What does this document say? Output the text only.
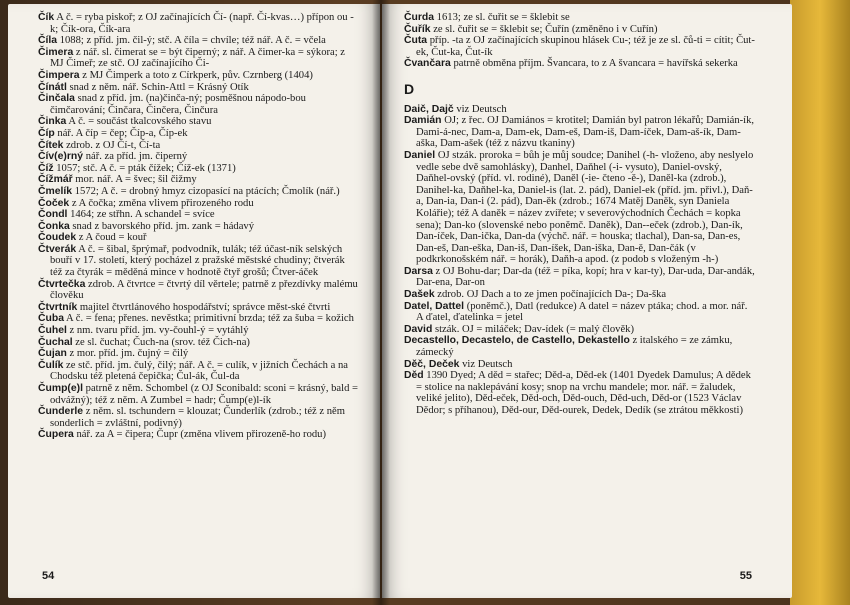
Čík A č. = ryba piskoř; z OJ začínajících Čí- (např. Čí-kvas…) přípon ou -k; Čík-ora, Čík-ara

Číla 1088; z příd. jm. čil-ý; stč. A číla = chvíle; též nář. A č. = včela

Čimera z nář. sl. čimerat se = být čiperný; z nář. A čimer-ka = sýkora; z MJ Čimeř; ze stč. OJ začínajícího Či-

Čimpera z MJ Čimperk a toto z Církperk, pův. Czrnberg (1404)

Čínátl snad z něm. nář. Schin-Attl = Krásný Otík

Činčala snad z příd. jm. (na)činča-ný; posměšnou nápodo-bou čimčarování; Činčara, Činčera, Činčura

Činka A č. = součást tkalcovského stavu

Číp nář. A číp = čep; Číp-a, Číp-ek

Čítek zdrob. z OJ Čí-t, Čí-ta

Čív(e)rný nář. za příd. jm. čiperný

Číž 1057; stč. A č. = pták čížek; Číž-ek (1371)

Čížmář mor. nář. A = švec; šil čižmy

Čmelík 1572; A č. = drobný hmyz cizopasící na ptácích; Čmolík (nář.)

Čoček z A čočka; změna vlivem přirozeného rodu

Čondl 1464; ze střhn. A schandel = svíce

Čonka snad z bavorského příd. jm. zank = hádavý

Čoudek z A čoud = kouř

Čtverák A č. = šibal, šprýmař, podvodník, tulák; též účast-ník selských bouří v 17. století, který pocházel z pražské městské chudiny; čtverák též za čtyrák = měděná mince v hodnotě čtyř grošů; Čtver-áček

Čtvrtečka zdrob. A čtvrtce = čtvrtý díl věrtele; patrně z přezdívky malému člověku

Čtvrtník majitel čtvrtlánového hospodářství; správce měst-ské čtvrti

Čuba A č. = fena; přenes. nevěstka; primitivní brzda; též za šuba = kožich

Čuhel z nm. tvaru příd. jm. vy-čouhl-ý = vytáhlý

Čuchal ze sl. čuchat; Čuch-na (srov. též Čich-na)

Čujan z mor. příd. jm. čujný = čilý

Čulík ze stč. příd. jm. čulý, čilý; nář. A č. = culík, v jižních Čechách a na Chodsku též pletená čepička; Čul-ák, Čul-da

Čump(e)l patrně z něm. Schombel (z OJ Sconibald: sconi = krásný, bald = odvážný); též z něm. A Zumbel = hadr; Čump(e)l-ík

Čunderle z něm. sl. tschundern = klouzat; Čunderlík (zdrob.; též z něm sonderlich = zvláštní, podivný)

Čupera nář. za A = čipera; Čupr (změna vlivem přirozeně-ho rodu)

54

Čurda 1613; ze sl. čuřit se = šklebit se

Čuřík ze sl. čuřit se = šklebit se; Čuřín (změněno i v Cuřín)

Čuta příp. -ta z OJ začínajících skupinou hlásek Cu-; též je ze sl. čů-ti = cítit; Čut-ek, Čut-ka, Čut-ík

Čvančara patrně obměna příjm. Švancara, to z A švancara = havířská sekerka

D

Daič, Dajč viz Deutsch

Damián OJ; z řec. OJ Damiános = krotitel; Damián byl patron lékařů; Damián-ík, Dami-á-nec, Dam-a, Dam-ek, Dam-eš, Dam-iš, Dam-íček, Dam-aš-ík, Dam-aška, Dam-ašek (též z názvu tkaniny)

Daniel OJ stzák. proroka = bůh je můj soudce; Danihel (-h- vloženo, aby neslyelo vedle sebe dvě samohlásky), Danhel, Daňhel (-i- vysuto), Daniel-ovský, Daňhel-ovský (příd. vl. rodiné), Daněl (-ie- čteno -ě-), Daněl-ka (zdrob.), Danihel-ka, Daňhel-ka, Daniel-is (lat. 2. pád), Daniel-ek (příd. jm. přivl.), Daň-a, Dan-ia, Dan-i (2. pád), Dan-ěk (zdrob.; 1674 Matěj Daněk, syn Daniela Kolářie); též A daněk = název zvířete; v severovýchodních Čechách = kopka sena); Dan-ko (slovenské nebo poněmč. Daněk), Dan--eček (zdrob.), Dan-ík, Dan-íček, Dan-ička, Dan-da (výchč. nář. = houska; tlachal), Dan-sa, Dan-es, Dan-eš, Dan-eška, Dan-iš, Dan-íšek, Dan-iška, Dan-ě, Dan-čák (v podkrkonošském nář. = horák), Daňh-a apod. (z podob s vloženým -h-)

Darsa z OJ Bohu-dar; Dar-da (též = píka, kopí; hra v kar-ty), Dar-uda, Dar-andák, Dar-ena, Dar-on

Dašek zdrob. OJ Dach a to ze jmen počínajících Da-; Da-ška

Datel, Dattel (poněmč.), Datl (redukce) A datel = název ptáka; chod. a mor. nář. A ďatel, ďatelinka = jetel

David stzák. OJ = miláček; Dav-ídek (= malý člověk)

Decastello, Decastelo, de Castello, Dekastello z italského = ze zámku, zámecký

Děč, Deček viz Deutsch

Děd 1390 Dyed; A děd = stařec; Děd-a, Děd-ek (1401 Dyedek Damulus; A dědek = stolice na naklepávání kosy; snop na vrchu mandele; mor. nář. = žaludek, veliké jelito), Děd-eček, Děd-och, Děd-ouch, Děd-uch, Děd-or (1523 Václav Dědor; s příhanou), Děd-our, Děd-ourek, Dedek, Dedík (se ztrátou měkkosti)

55
